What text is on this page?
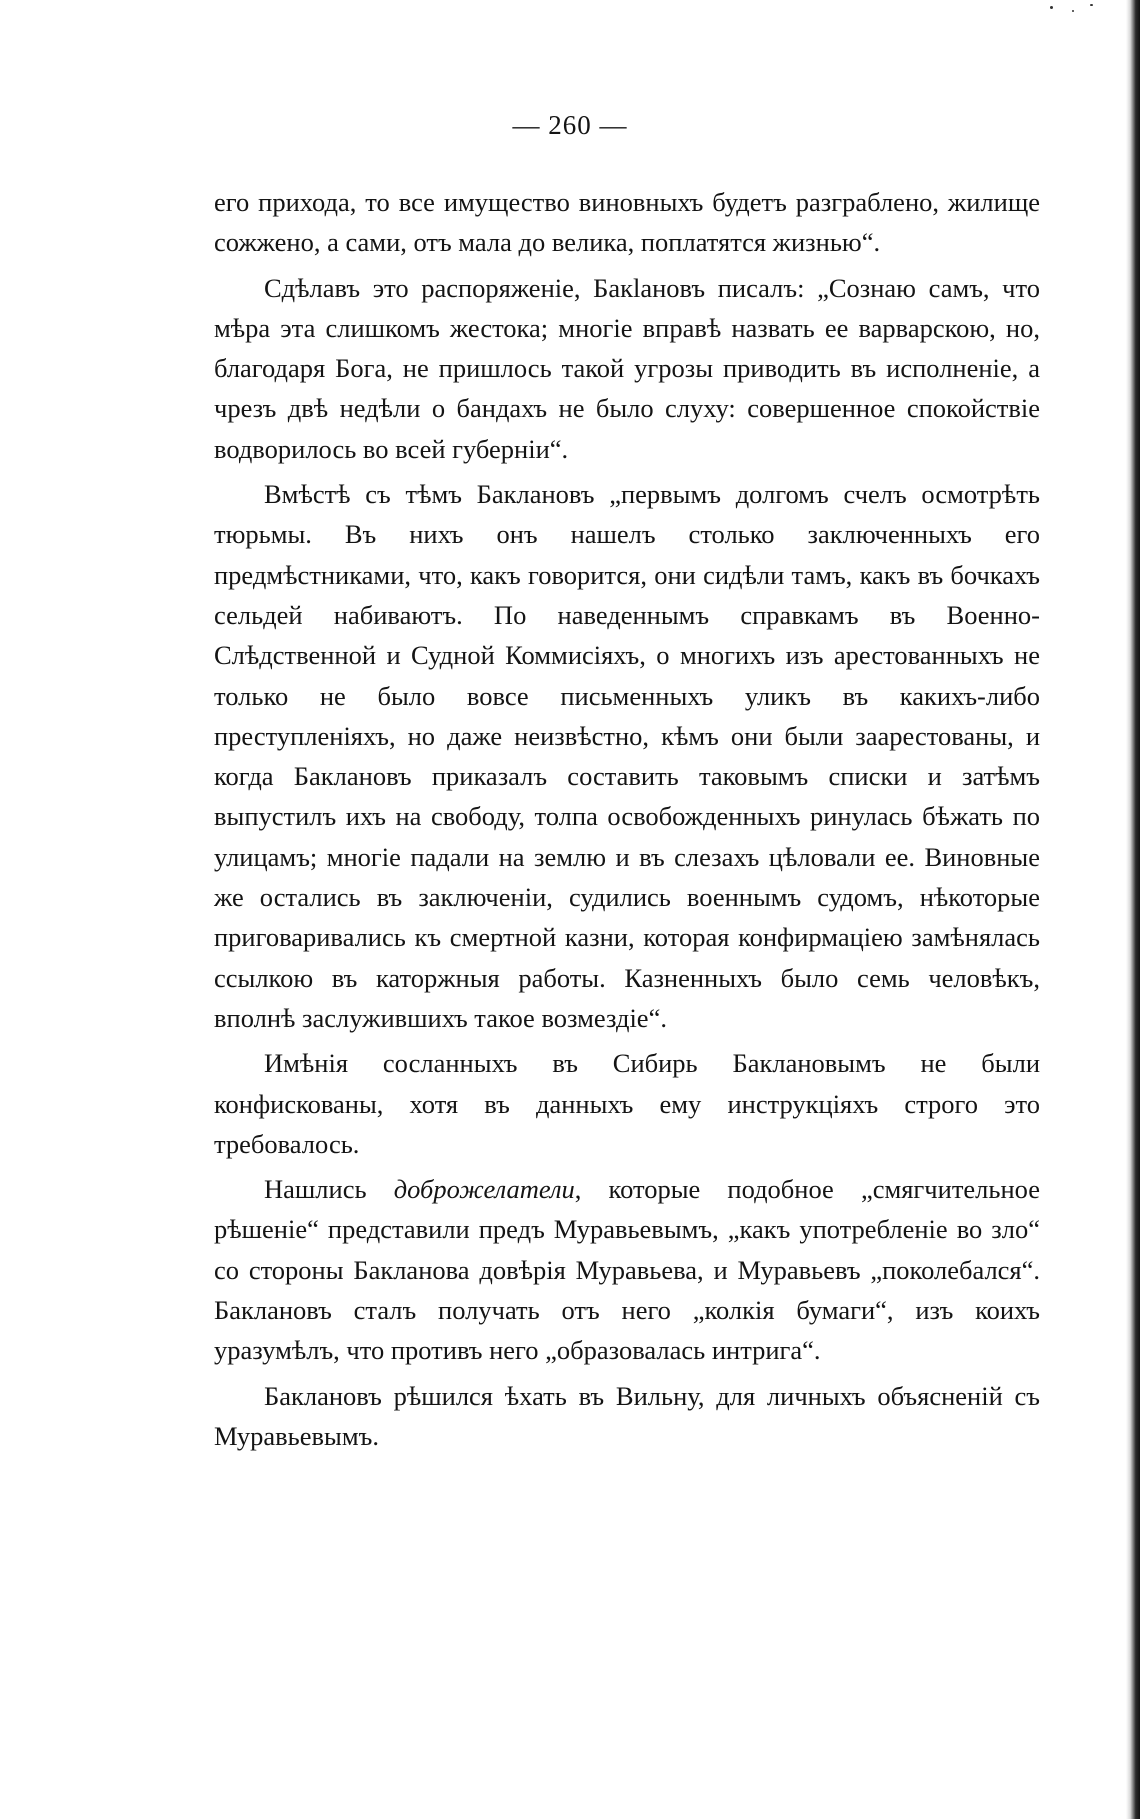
— 260 —

его прихода, то все имущество виновныхъ будетъ разграблено, жилище сожжено, а сами, отъ мала до велика, поплатятся жизнью“.

Сдѣлавъ это распоряженіе, Бакlановъ писалъ: „Сознаю самъ, что мѣра эта слишкомъ жестока; многіе вправѣ назвать ее варварскою, но, благодаря Бога, не пришлось такой угрозы приводить въ исполненіе, а чрезъ двѣ недѣли о бандахъ не было слуху: совершенное спокойствіе водворилось во всей губерніи“.

Вмѣстѣ съ тѣмъ Баклановъ „первымъ долгомъ счелъ осмотрѣть тюрьмы. Въ нихъ онъ нашелъ столько заключенныхъ его предмѣстниками, что, какъ говорится, они сидѣли тамъ, какъ въ бочкахъ сельдей набиваютъ. По наведеннымъ справкамъ въ Военно-Слѣдственной и Судной Коммисіяхъ, о многихъ изъ арестованныхъ не только не было вовсе письменныхъ уликъ въ какихъ-либо преступленіяхъ, но даже неизвѣстно, кѣмъ они были заарестованы, и когда Баклановъ приказалъ составить таковымъ списки и затѣмъ выпустилъ ихъ на свободу, толпа освобожденныхъ ринулась бѣжать по улицамъ; многіе падали на землю и въ слезахъ цѣловали ее. Виновные же остались въ заключеніи, судились военнымъ судомъ, нѣкоторые приговаривались къ смертной казни, которая конфирмаціею замѣнялась ссылкою въ каторжныя работы. Казненныхъ было семь человѣкъ, вполнѣ заслужившихъ такое возмездіе“.

Имѣнія сосланныхъ въ Сибирь Баклановымъ не были конфискованы, хотя въ данныхъ ему инструкціяхъ строго это требовалось.

Нашлись доброжелатели, которые подобное „смягчительное рѣшеніе“ представили предъ Муравьевымъ, „какъ употребленіе во зло“ со стороны Бакланова довѣрія Муравьева, и Муравьевъ „поколебался“. Баклановъ сталъ получать отъ него „колкія бумаги“, изъ коихъ уразумѣлъ, что противъ него „образовалась интрига“.

Баклановъ рѣшился ѣхать въ Вильну, для личныхъ объясненій съ Муравьевымъ.
